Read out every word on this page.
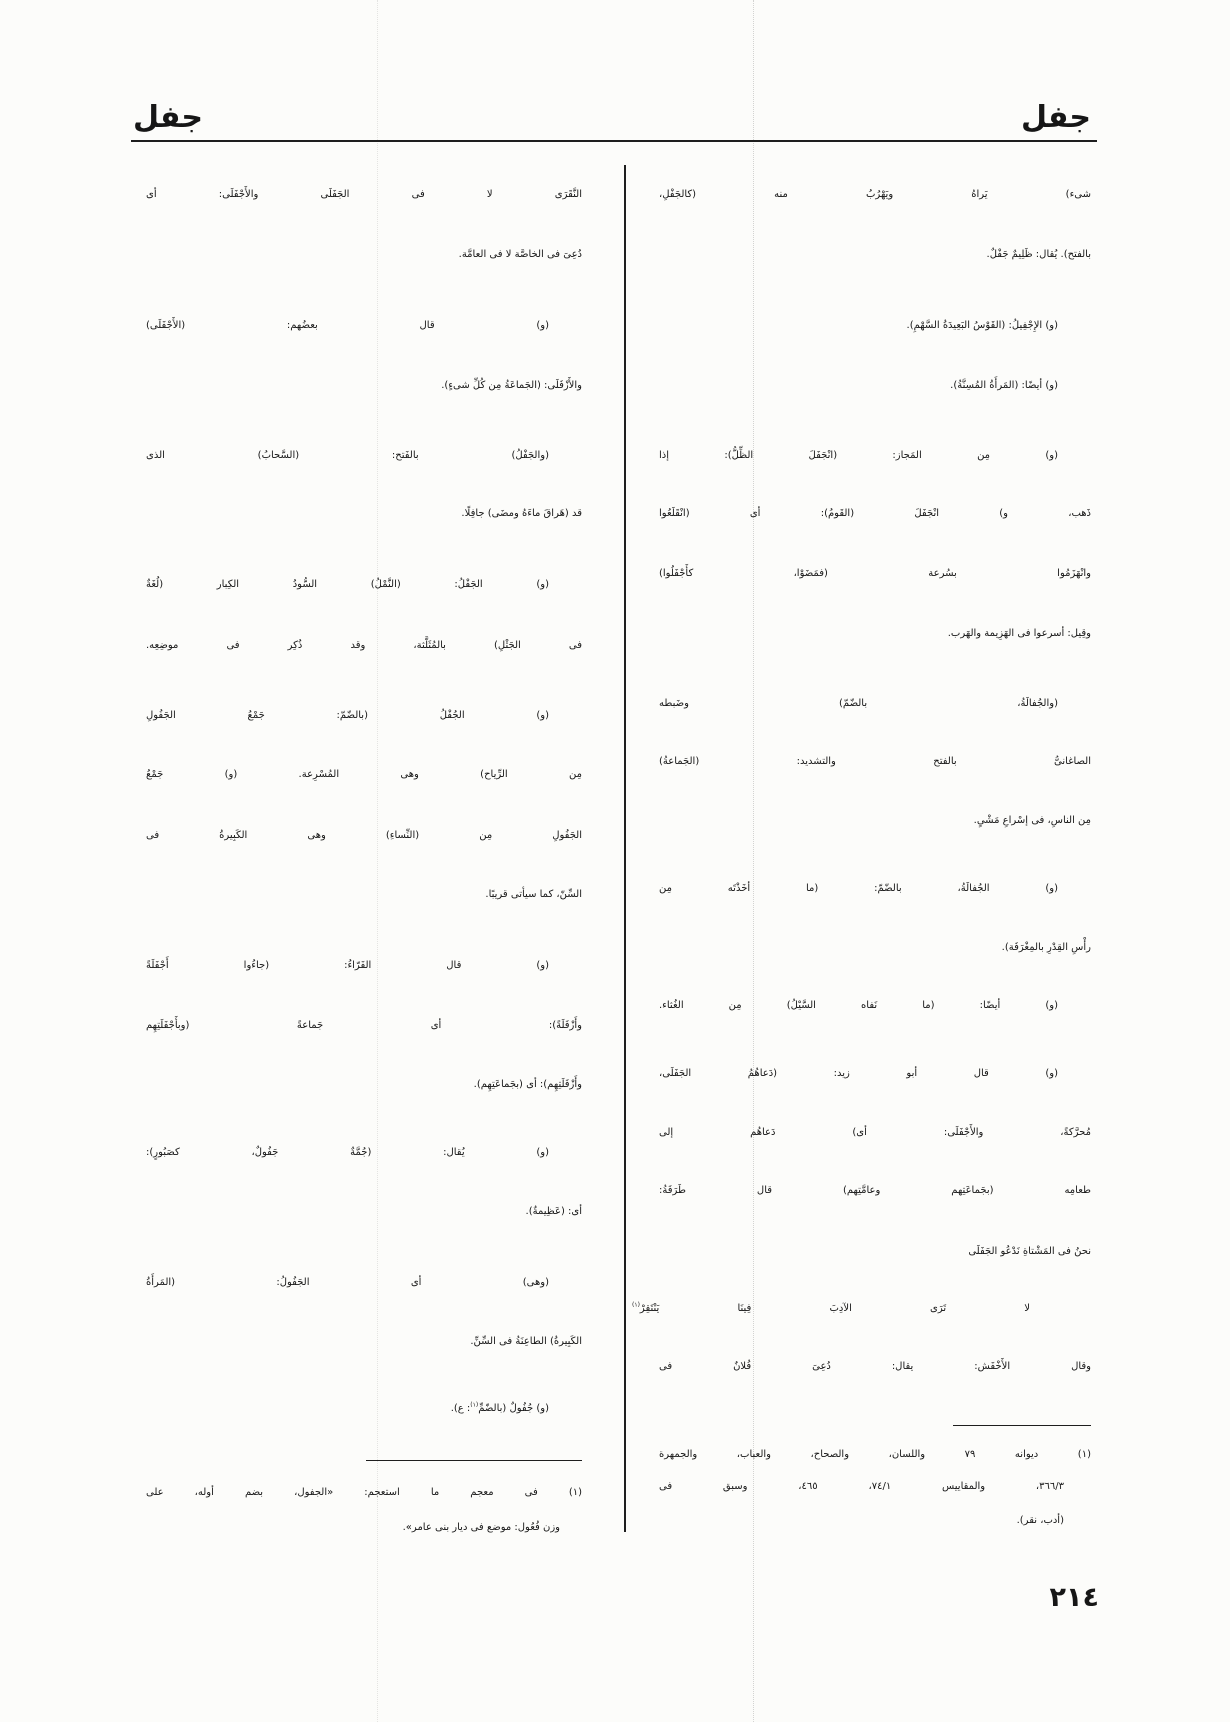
جفل	جفل
شىء) يَراهُ ويَهْرُبُ منه (كالجَفْلِ،
بالفتح). يُقال: ظَلِيمٌ جَفْلٌ.
(و) الإِجْفِيلُ: (القَوْسُ البَعِيدَةُ السَّهْمِ).
(و) أيضًا: (المَرأَةُ المُسِنَّةُ).
(و) مِن المَجاز: (انْجَفَلَ الظِّلُّ): إذا
ذَهب، و) انْجَفَلَ (القَومُ): أى (انْقَلَعُوا
وانْهَزَمُوا بسُرعة (فمَضَوْا، كأَجْفَلُوا)
وقِيل: أسرعوا فى الهَزِيمة والهَرب.
(والجُفالَةُ، بالضّمّ) وضَبطه
الصاغانىُّ بالفتح والتشديد: (الجَماعةُ)
مِن الناسِ، فى إسْراعِ مَشْىٍ.
(و) الجُفالَةُ، بالضّمّ: (ما أخَذْتَه مِن
رأْسِ القِدْرِ بالمِغْرَفَة).
(و) أيضًا: (ما نَفاه السَّيْلُ) مِن الغُثاء.
(و) قال أبو زيد: (دَعاهُمُ الجَفَلَى،
مُحرَّكةً، والأَجْفَلَى: أى) دَعاهُم إلى
طعامِه (بجَماعَتِهم وعامَّتِهم) قال طَرَفَةُ:
نحنُ فى المَشْتاةِ نَدْعُو الجَفَلَى
لا تَرَى الآدِبَ فِينَا يَنْتَقِرْ$^{(١)}$
وقال الأَخْفَش: يقال: دُعِىَ فُلانٌ فى
(١) ديوانه ٧٩ واللسان، والصحاح، والعباب، والجمهرة
٣٦٦/٣، والمقاييس ٧٤/١، ٤٦٥، وسبق فى
(أدب، نقر).
النَّقَرَى لا فى الجَفَلَى والأَجْفَلَى: أى
دُعِىَ فى الخاصَّة لا فى العامَّة.
(و) قال بعضُهم: (الأَجْفَلَى)
والأَزْفَلَى: (الجَماعَةُ مِن كُلِّ شىءٍ).
(والجَفْلُ) بالفَتح: (السَّحابُ) الذى
قد (هَراقَ ماءَهُ ومضَى) جافِلًا.
(و) الجَفْلُ: (النَّمْلُ) السُّودُ الكِبار (لُغَةٌ
فى الجَثْلِ) بالمُثَلَّثة، وقد ذُكِر فى موضِعِه.
(و) الجُفْلُ (بالضّمّ: جَمْعُ الجَفُولِ
مِن الرِّياح) وهى المُسْرِعة. (و) جَمْعُ
الجَفُولِ مِن (النِّساءِ) وهى الكَبِيرةُ فى
السِّنّ، كما سيأتى قريبًا.
(و) قال الفَرّاءُ: (جاءُوا أَجْفَلَةً
وأَزْفَلَةً): أى جَماعةً (وبأَجْفَلَتِهِم
وأَزْفَلَتِهِم): أى (بجَماعَتِهِم).
(و) يُقال: (جُمَّةٌ جَفُولٌ، كصَبُورٍ):
أى: (عَظِيمةٌ).
(وهى) أى الجَفُولُ: (المَرأَةُ
الكَبِيرةُ) الطاعِنَةُ فى السِّنِّ.
(و) جُفُولٌ (بالضّمِّ$^{(١)}$: ع).
(١) فى معجم ما استعجم: «الجفول، بضم أوله، على
وزن فُعُول: موضع فى ديار بنى عامر».
٢١٤
